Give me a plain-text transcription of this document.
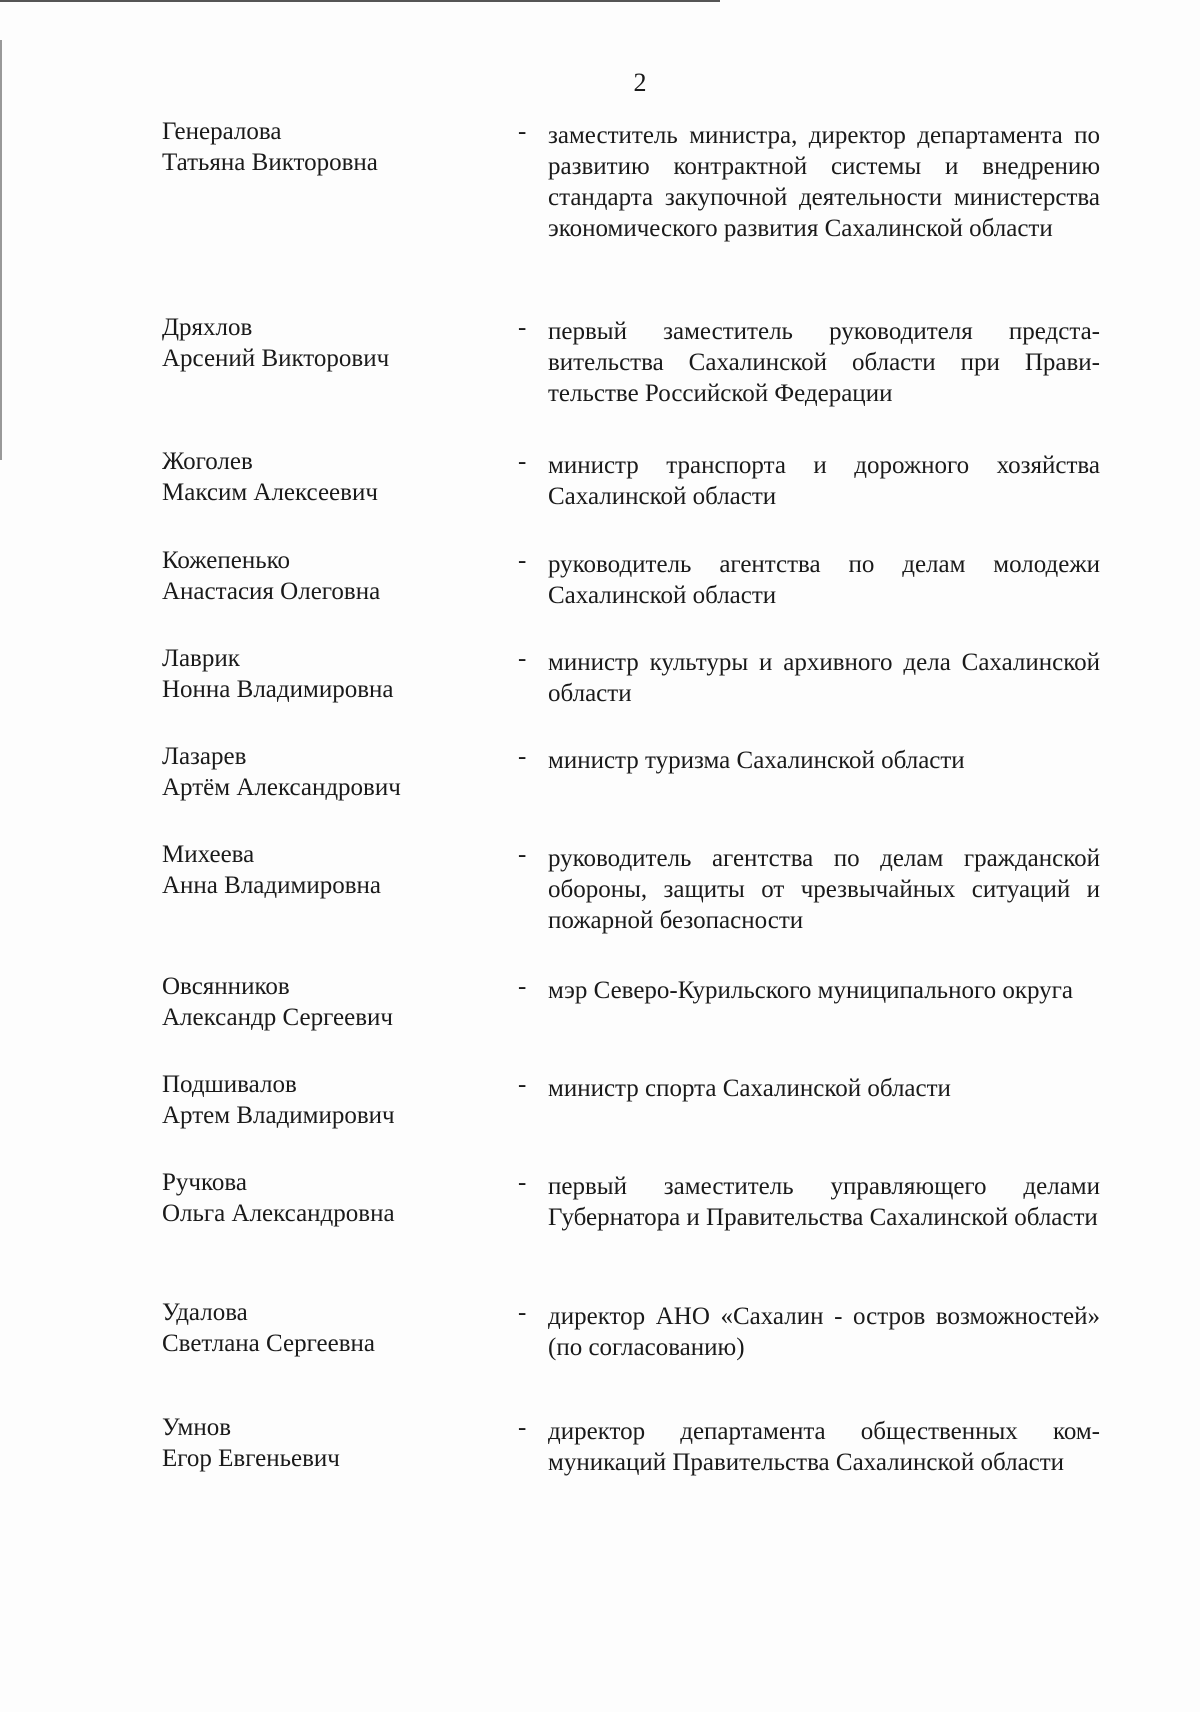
2
Генералова
Татьяна Викторовна
- заместитель министра, директор департамента по развитию контрактной системы и внедрению стандарта закупочной деятельности министерства экономического развития Сахалинской области
Дряхлов
Арсений Викторович
- первый заместитель руководителя представительства Сахалинской области при Правительстве Российской Федерации
Жоголев
Максим Алексеевич
- министр транспорта и дорожного хозяйства Сахалинской области
Кожепенько
Анастасия Олеговна
- руководитель агентства по делам молодежи Сахалинской области
Лаврик
Нонна Владимировна
- министр культуры и архивного дела Сахалинской области
Лазарев
Артём Александрович
- министр туризма Сахалинской области
Михеева
Анна Владимировна
- руководитель агентства по делам гражданской обороны, защиты от чрезвычайных ситуаций и пожарной безопасности
Овсянников
Александр Сергеевич
- мэр Северо-Курильского муниципального округа
Подшивалов
Артем Владимирович
- министр спорта Сахалинской области
Ручкова
Ольга Александровна
- первый заместитель управляющего делами Губернатора и Правительства Сахалинской области
Удалова
Светлана Сергеевна
- директор АНО «Сахалин - остров возможностей» (по согласованию)
Умнов
Егор Евгеньевич
- директор департамента общественных коммуникаций Правительства Сахалинской области
